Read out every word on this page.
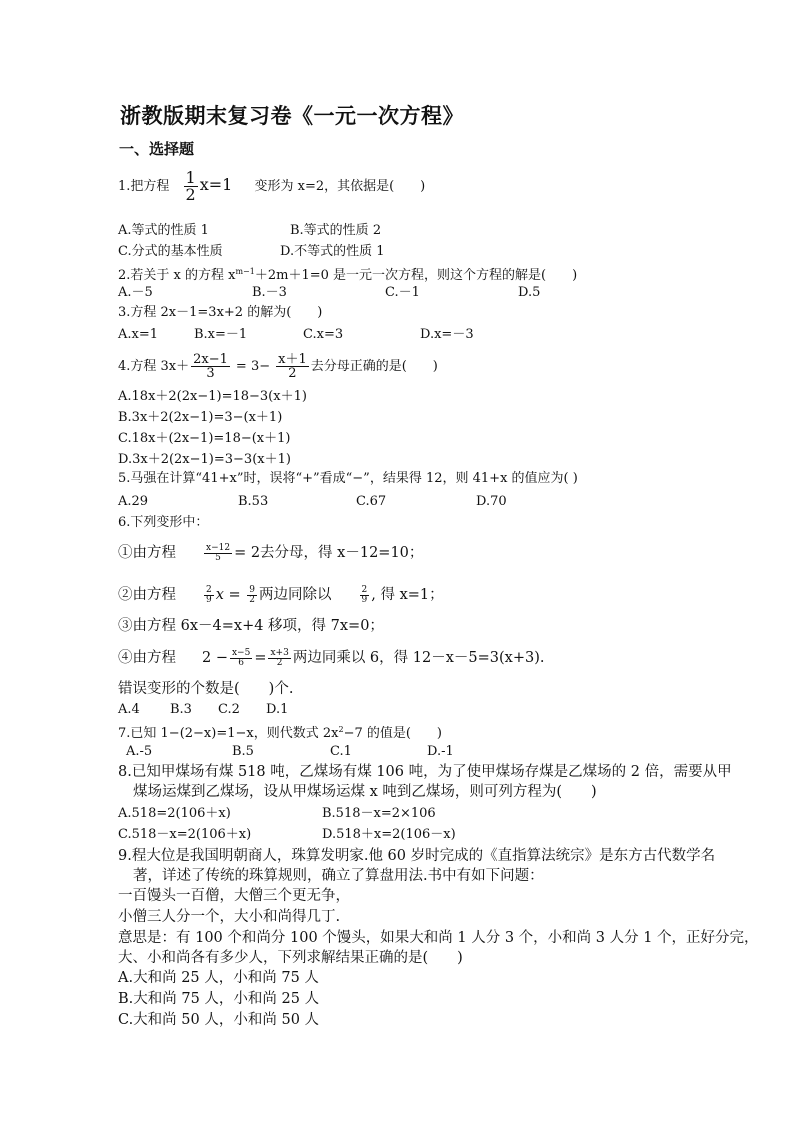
浙教版期末复习卷《一元一次方程》
一、选择题
1.把方程 $\frac{1}{2} x=1$ 变形为 x=2，其依据是(　　)
A.等式的性质 1	B.等式的性质 2
C.分式的基本性质	D.不等式的性质 1
2.若关于 x 的方程 $x^{m-1}+2m+1=0$ 是一元一次方程，则这个方程的解是(　　)
A.－5	B.－3	C.－1	D.5
3.方程 2x－1=3x+2 的解为(　　)
A.x=1	B.x=－1	C.x=3	D.x=－3
4.方程 $3x+ \frac{2x-1}{3} = 3- \frac{x+1}{2}$ 去分母正确的是(　　)
A.18x＋2(2x−1)=18−3(x＋1)
B.3x＋2(2x−1)=3−(x＋1)
C.18x＋(2x−1)=18−(x＋1)
D.3x＋2(2x−1)=3−3(x＋1)
5.马强在计算“41+x”时，误将“+”看成“−”，结果得 12，则 41+x 的值应为( )
A.29	B.53	C.67	D.70
6.下列变形中：
①由方程	$\frac{x-12}{5} = 2$去分母，得 x－12=10；
②由方程	$\frac{2}{9}$ $x = \frac{9}{2}$ 两边同除以	$\frac{2}{9}$ , 得 x=1；
③由方程 6x－4=x+4 移项，得 7x=0；
④由方程 $2 - \frac{x-5}{6} = \frac{x+3}{2}$ 两边同乘以 6，得 12－x－5=3(x+3).
错误变形的个数是(　　)个.
A.4 B.3 C.2 D.1
7.已知 1−(2−x)=1−x，则代数式 $2x^2-7$ 的值是(　　)
A.-5	B.5	C.1	D.-1
8.已知甲煤场有煤 518 吨，乙煤场有煤 106 吨，为了使甲煤场存煤是乙煤场的 2 倍，需要从甲
煤场运煤到乙煤场，设从甲煤场运煤 x 吨到乙煤场，则可列方程为(　　)
A.518=2(106＋x)	B.518－x=2×106
C.518－x=2(106＋x)	D.518＋x=2(106－x)
9.程大位是我国明朝商人，珠算发明家.他 60 岁时完成的《直指算法统宗》是东方古代数学名
著，详述了传统的珠算规则，确立了算盘用法.书中有如下问题：
一百馒头一百僧，大僧三个更无争，
小僧三人分一个，大小和尚得几丁.
意思是：有 100 个和尚分 100 个馒头，如果大和尚 1 人分 3 个，小和尚 3 人分 1 个，正好分完，
大、小和尚各有多少人，下列求解结果正确的是(　　)
A.大和尚 25 人，小和尚 75 人
B.大和尚 75 人，小和尚 25 人
C.大和尚 50 人，小和尚 50 人
